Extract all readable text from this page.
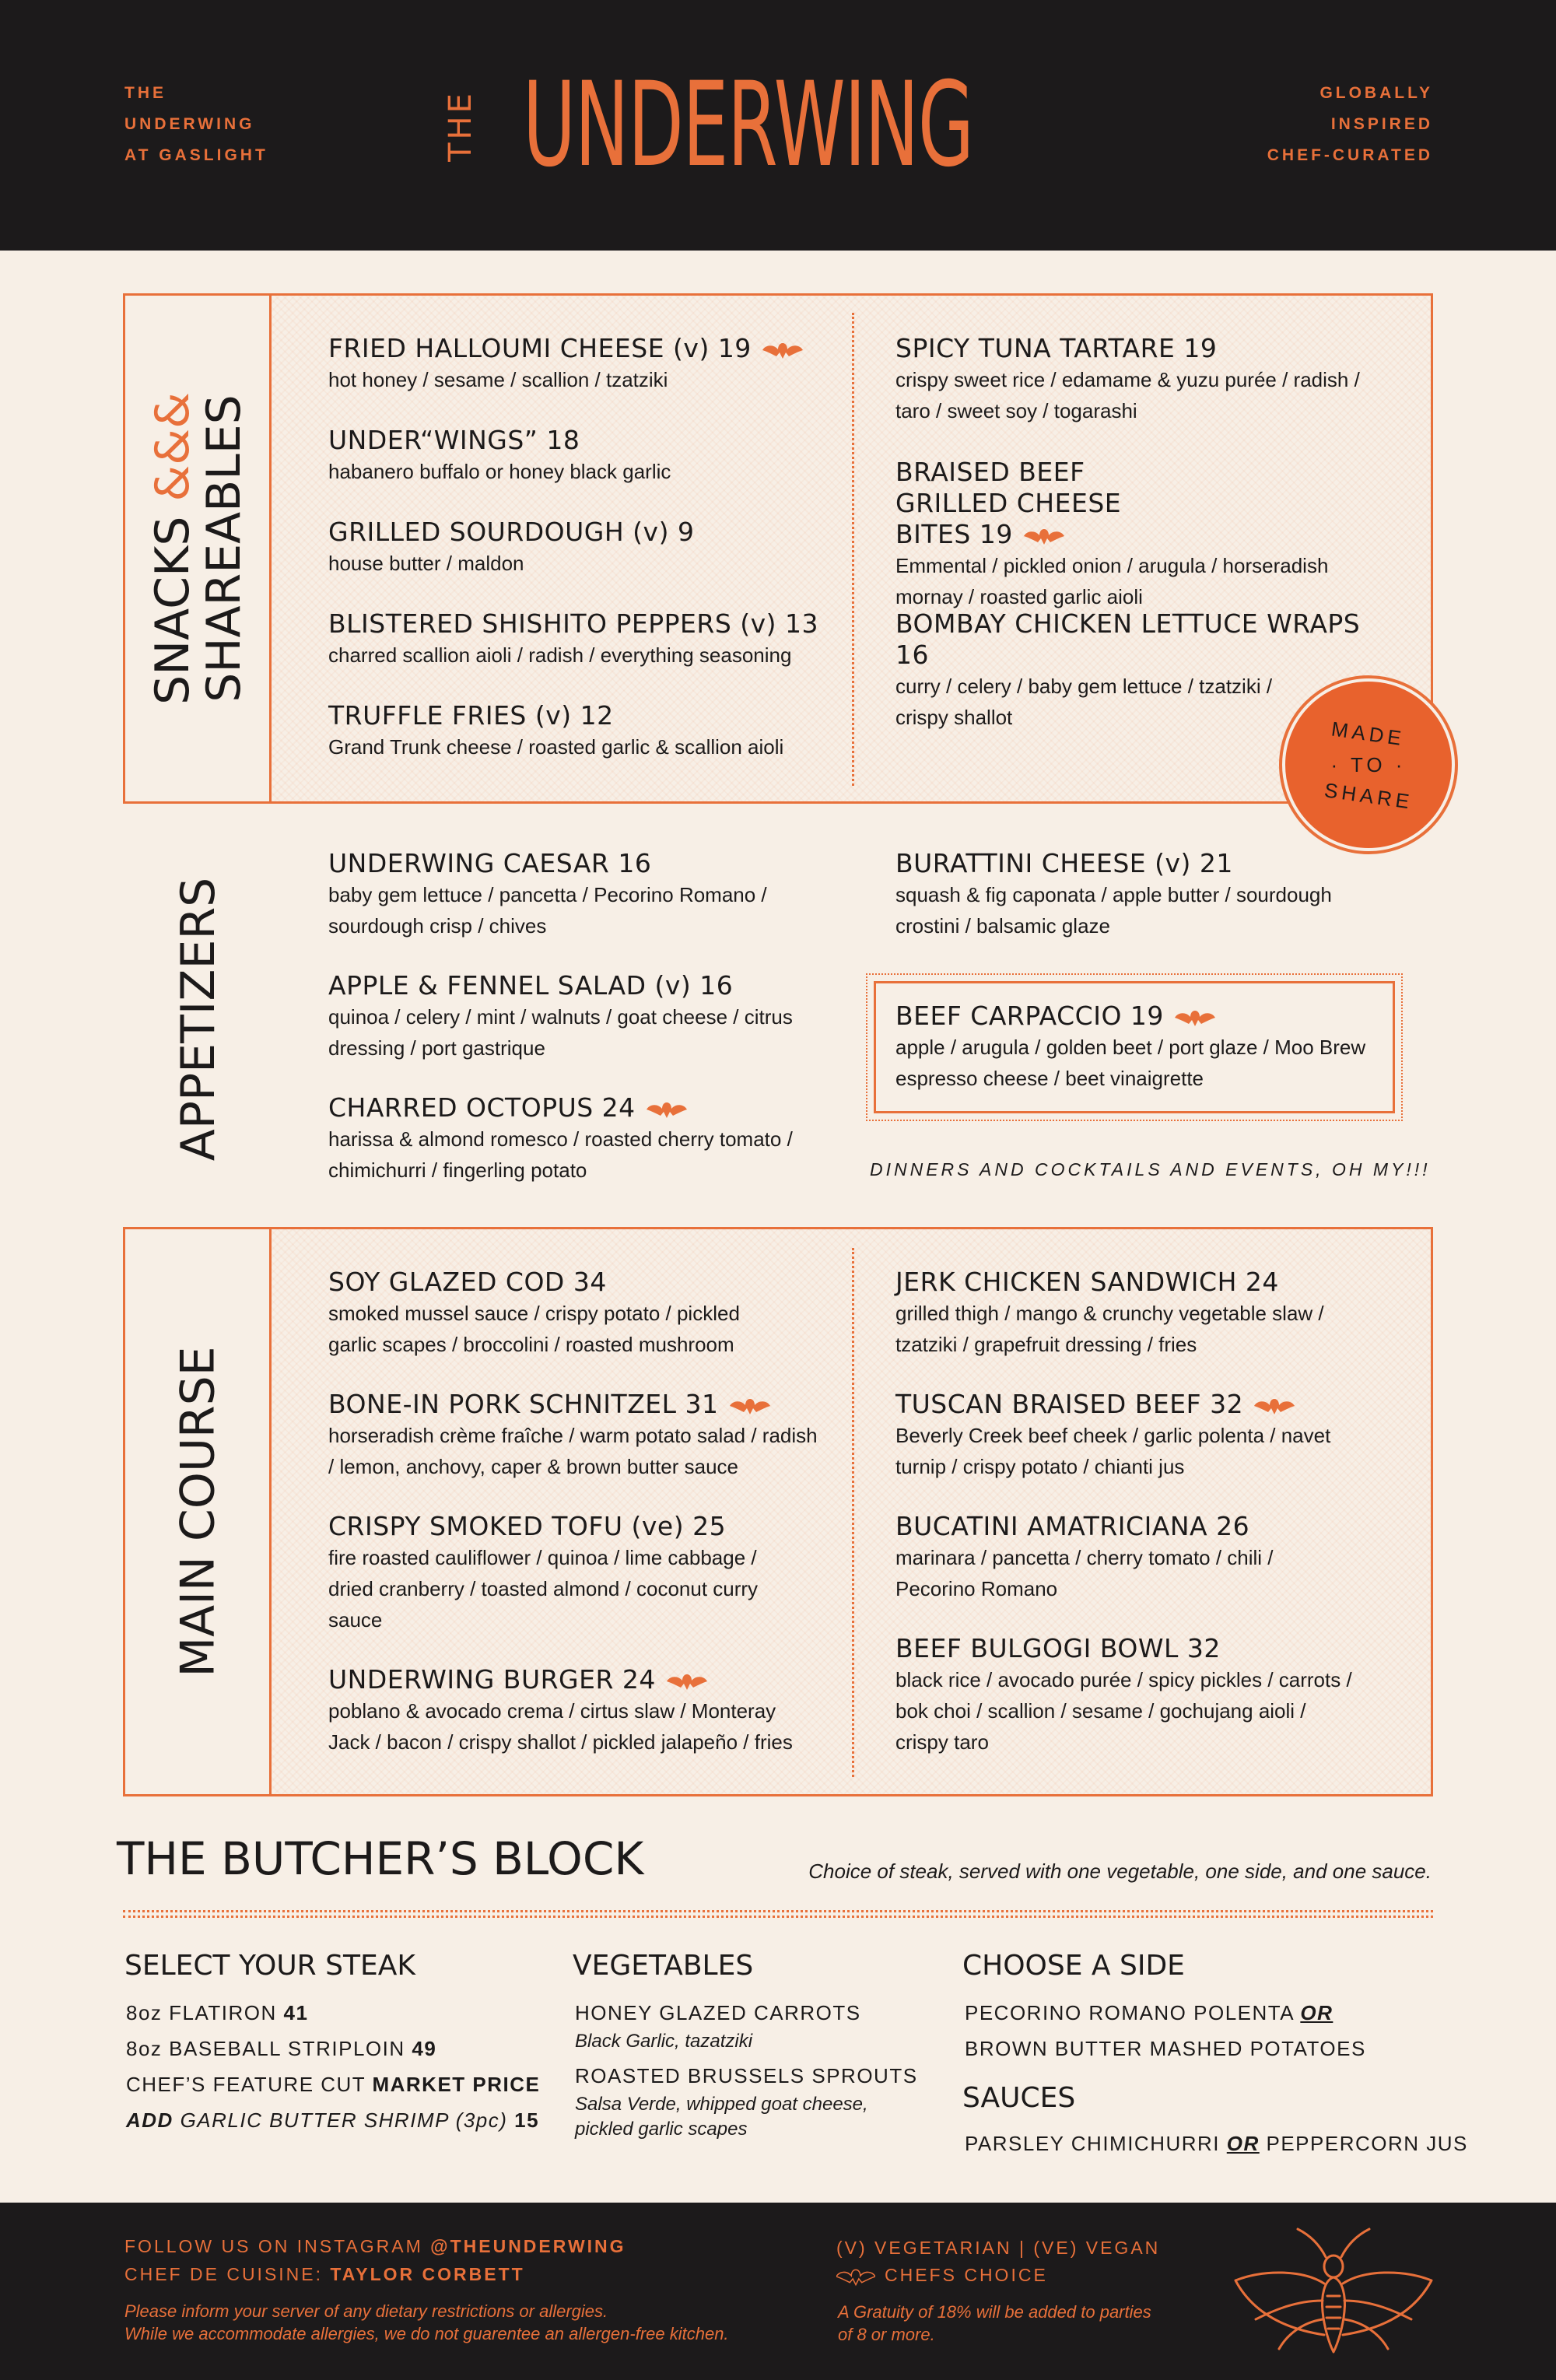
THE
UNDERWING
AT GASLIGHT	THE UNDERWING	GLOBALLY
INSPIRED
CHEF-CURATED
SNACKS &&&
SHAREABLES
FRIED HALLOUMI CHEESE (v) 19
hot honey / sesame / scallion / tzatziki
UNDER“WINGS” 18
habanero buffalo or honey black garlic
GRILLED SOURDOUGH (v) 9
house butter / maldon
BLISTERED SHISHITO PEPPERS (v) 13
charred scallion aioli / radish / everything seasoning
TRUFFLE FRIES (v) 12
Grand Trunk cheese / roasted garlic & scallion aioli
SPICY TUNA TARTARE 19
crispy sweet rice / edamame & yuzu purée / radish / taro / sweet soy / togarashi
BRAISED BEEF GRILLED CHEESE BITES 19
Emmental / pickled onion / arugula / horseradish mornay / roasted garlic aioli
BOMBAY CHICKEN LETTUCE WRAPS 16
curry / celery / baby gem lettuce / tzatziki / crispy shallot	MADE
· TO ·
SHARE
APPETIZERS
UNDERWING CAESAR 16
baby gem lettuce / pancetta / Pecorino Romano / sourdough crisp / chives
APPLE & FENNEL SALAD (v) 16
quinoa / celery / mint / walnuts / goat cheese / citrus dressing / port gastrique
CHARRED OCTOPUS 24
harissa & almond romesco / roasted cherry tomato / chimichurri / fingerling potato
BURATTINI CHEESE (v) 21
squash & fig caponata / apple butter / sourdough crostini / balsamic glaze
BEEF CARPACCIO 19
apple / arugula / golden beet / port glaze / Moo Brew espresso cheese / beet vinaigrette
DINNERS AND COCKTAILS AND EVENTS, OH MY!!!
MAIN COURSE
SOY GLAZED COD 34
smoked mussel sauce / crispy potato / pickled garlic scapes / broccolini / roasted mushroom
BONE-IN PORK SCHNITZEL 31
horseradish crème fraîche / warm potato salad / radish / lemon, anchovy, caper & brown butter sauce
CRISPY SMOKED TOFU (ve) 25
fire roasted cauliflower / quinoa / lime cabbage / dried cranberry / toasted almond / coconut curry sauce
UNDERWING BURGER 24
poblano & avocado crema / cirtus slaw / Monteray Jack / bacon / crispy shallot / pickled jalapeño / fries
JERK CHICKEN SANDWICH 24
grilled thigh / mango & crunchy vegetable slaw / tzatziki / grapefruit dressing / fries
TUSCAN BRAISED BEEF 32
Beverly Creek beef cheek / garlic polenta / navet turnip / crispy potato / chianti jus
BUCATINI AMATRICIANA 26
marinara / pancetta / cherry tomato / chili / Pecorino Romano
BEEF BULGOGI BOWL 32
black rice / avocado purée / spicy pickles / carrots / bok choi / scallion / sesame / gochujang aioli / crispy taro
THE BUTCHER’S BLOCK	Choice of steak, served with one vegetable, one side, and one sauce.
SELECT YOUR STEAK
8oz FLATIRON 41
8oz BASEBALL STRIPLOIN 49
CHEF’S FEATURE CUT MARKET PRICE
ADD GARLIC BUTTER SHRIMP (3pc) 15
VEGETABLES
HONEY GLAZED CARROTS
Black Garlic, tazatziki
ROASTED BRUSSELS SPROUTS
Salsa Verde, whipped goat cheese, pickled garlic scapes
CHOOSE A SIDE
PECORINO ROMANO POLENTA OR
BROWN BUTTER MASHED POTATOES
SAUCES
PARSLEY CHIMICHURRI OR PEPPERCORN JUS
FOLLOW US ON INSTAGRAM @THEUNDERWING
CHEF DE CUISINE: TAYLOR CORBETT
Please inform your server of any dietary restrictions or allergies.
While we accommodate allergies, we do not guarentee an allergen-free kitchen.
(V) VEGETARIAN | (VE) VEGAN
CHEFS CHOICE
A Gratuity of 18% will be added to parties
of 8 or more.
